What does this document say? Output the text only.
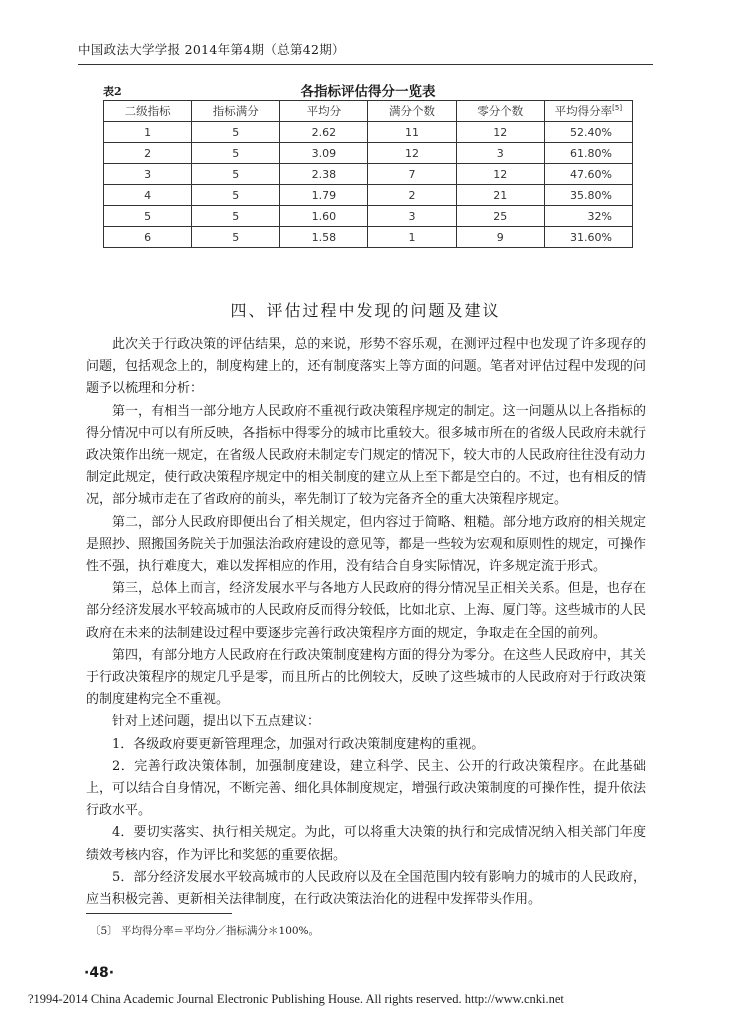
中国政法大学学报 2014年第4期（总第42期）
表2	各指标评估得分一览表
二级指标	指标满分	平均分	满分个数	零分个数	平均得分率[5]
1	5	2.62	11	12	52.40%
2	5	3.09	12	3	61.80%
3	5	2.38	7	12	47.60%
4	5	1.79	2	21	35.80%
5	5	1.60	3	25	32%
6	5	1.58	1	9	31.60%
四、评估过程中发现的问题及建议

此次关于行政决策的评估结果，总的来说，形势不容乐观，在测评过程中也发现了许多现存的问题，包括观念上的，制度构建上的，还有制度落实上等方面的问题。笔者对评估过程中发现的问题予以梳理和分析：

第一，有相当一部分地方人民政府不重视行政决策程序规定的制定。这一问题从以上各指标的得分情况中可以有所反映，各指标中得零分的城市比重较大。很多城市所在的省级人民政府未就行政决策作出统一规定，在省级人民政府未制定专门规定的情况下，较大市的人民政府往往没有动力制定此规定，使行政决策程序规定中的相关制度的建立从上至下都是空白的。不过，也有相反的情况，部分城市走在了省政府的前头，率先制订了较为完备齐全的重大决策程序规定。

第二，部分人民政府即便出台了相关规定，但内容过于简略、粗糙。部分地方政府的相关规定是照抄、照搬国务院关于加强法治政府建设的意见等，都是一些较为宏观和原则性的规定，可操作性不强，执行难度大，难以发挥相应的作用，没有结合自身实际情况，许多规定流于形式。

第三，总体上而言，经济发展水平与各地方人民政府的得分情况呈正相关关系。但是，也存在部分经济发展水平较高城市的人民政府反而得分较低，比如北京、上海、厦门等。这些城市的人民政府在未来的法制建设过程中要逐步完善行政决策程序方面的规定，争取走在全国的前列。

第四，有部分地方人民政府在行政决策制度建构方面的得分为零分。在这些人民政府中，其关于行政决策程序的规定几乎是零，而且所占的比例较大，反映了这些城市的人民政府对于行政决策的制度建构完全不重视。

针对上述问题，提出以下五点建议：

1．各级政府要更新管理理念，加强对行政决策制度建构的重视。

2．完善行政决策体制，加强制度建设，建立科学、民主、公开的行政决策程序。在此基础上，可以结合自身情况，不断完善、细化具体制度规定，增强行政决策制度的可操作性，提升依法行政水平。

4．要切实落实、执行相关规定。为此，可以将重大决策的执行和完成情况纳入相关部门年度绩效考核内容，作为评比和奖惩的重要依据。

5．部分经济发展水平较高城市的人民政府以及在全国范围内较有影响力的城市的人民政府，应当积极完善、更新相关法律制度，在行政决策法治化的进程中发挥带头作用。

〔5〕 平均得分率＝平均分／指标满分＊100%。
·48·
?1994-2014 China Academic Journal Electronic Publishing House. All rights reserved. http://www.cnki.net
